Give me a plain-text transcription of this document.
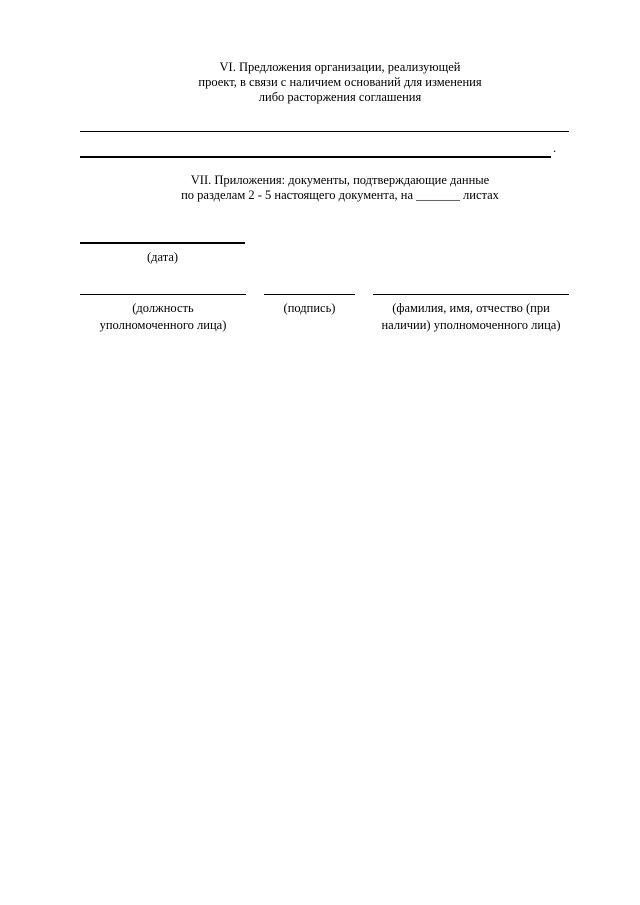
VI. Предложения организации, реализующей
проект, в связи с наличием оснований для изменения
либо расторжения соглашения
.
VII. Приложения: документы, подтверждающие данные
по разделам 2 - 5 настоящего документа, на _______ листах
(дата)
(должность
уполномоченного лица)
(подпись)	(фамилия, имя, отчество (при
наличии) уполномоченного лица)
